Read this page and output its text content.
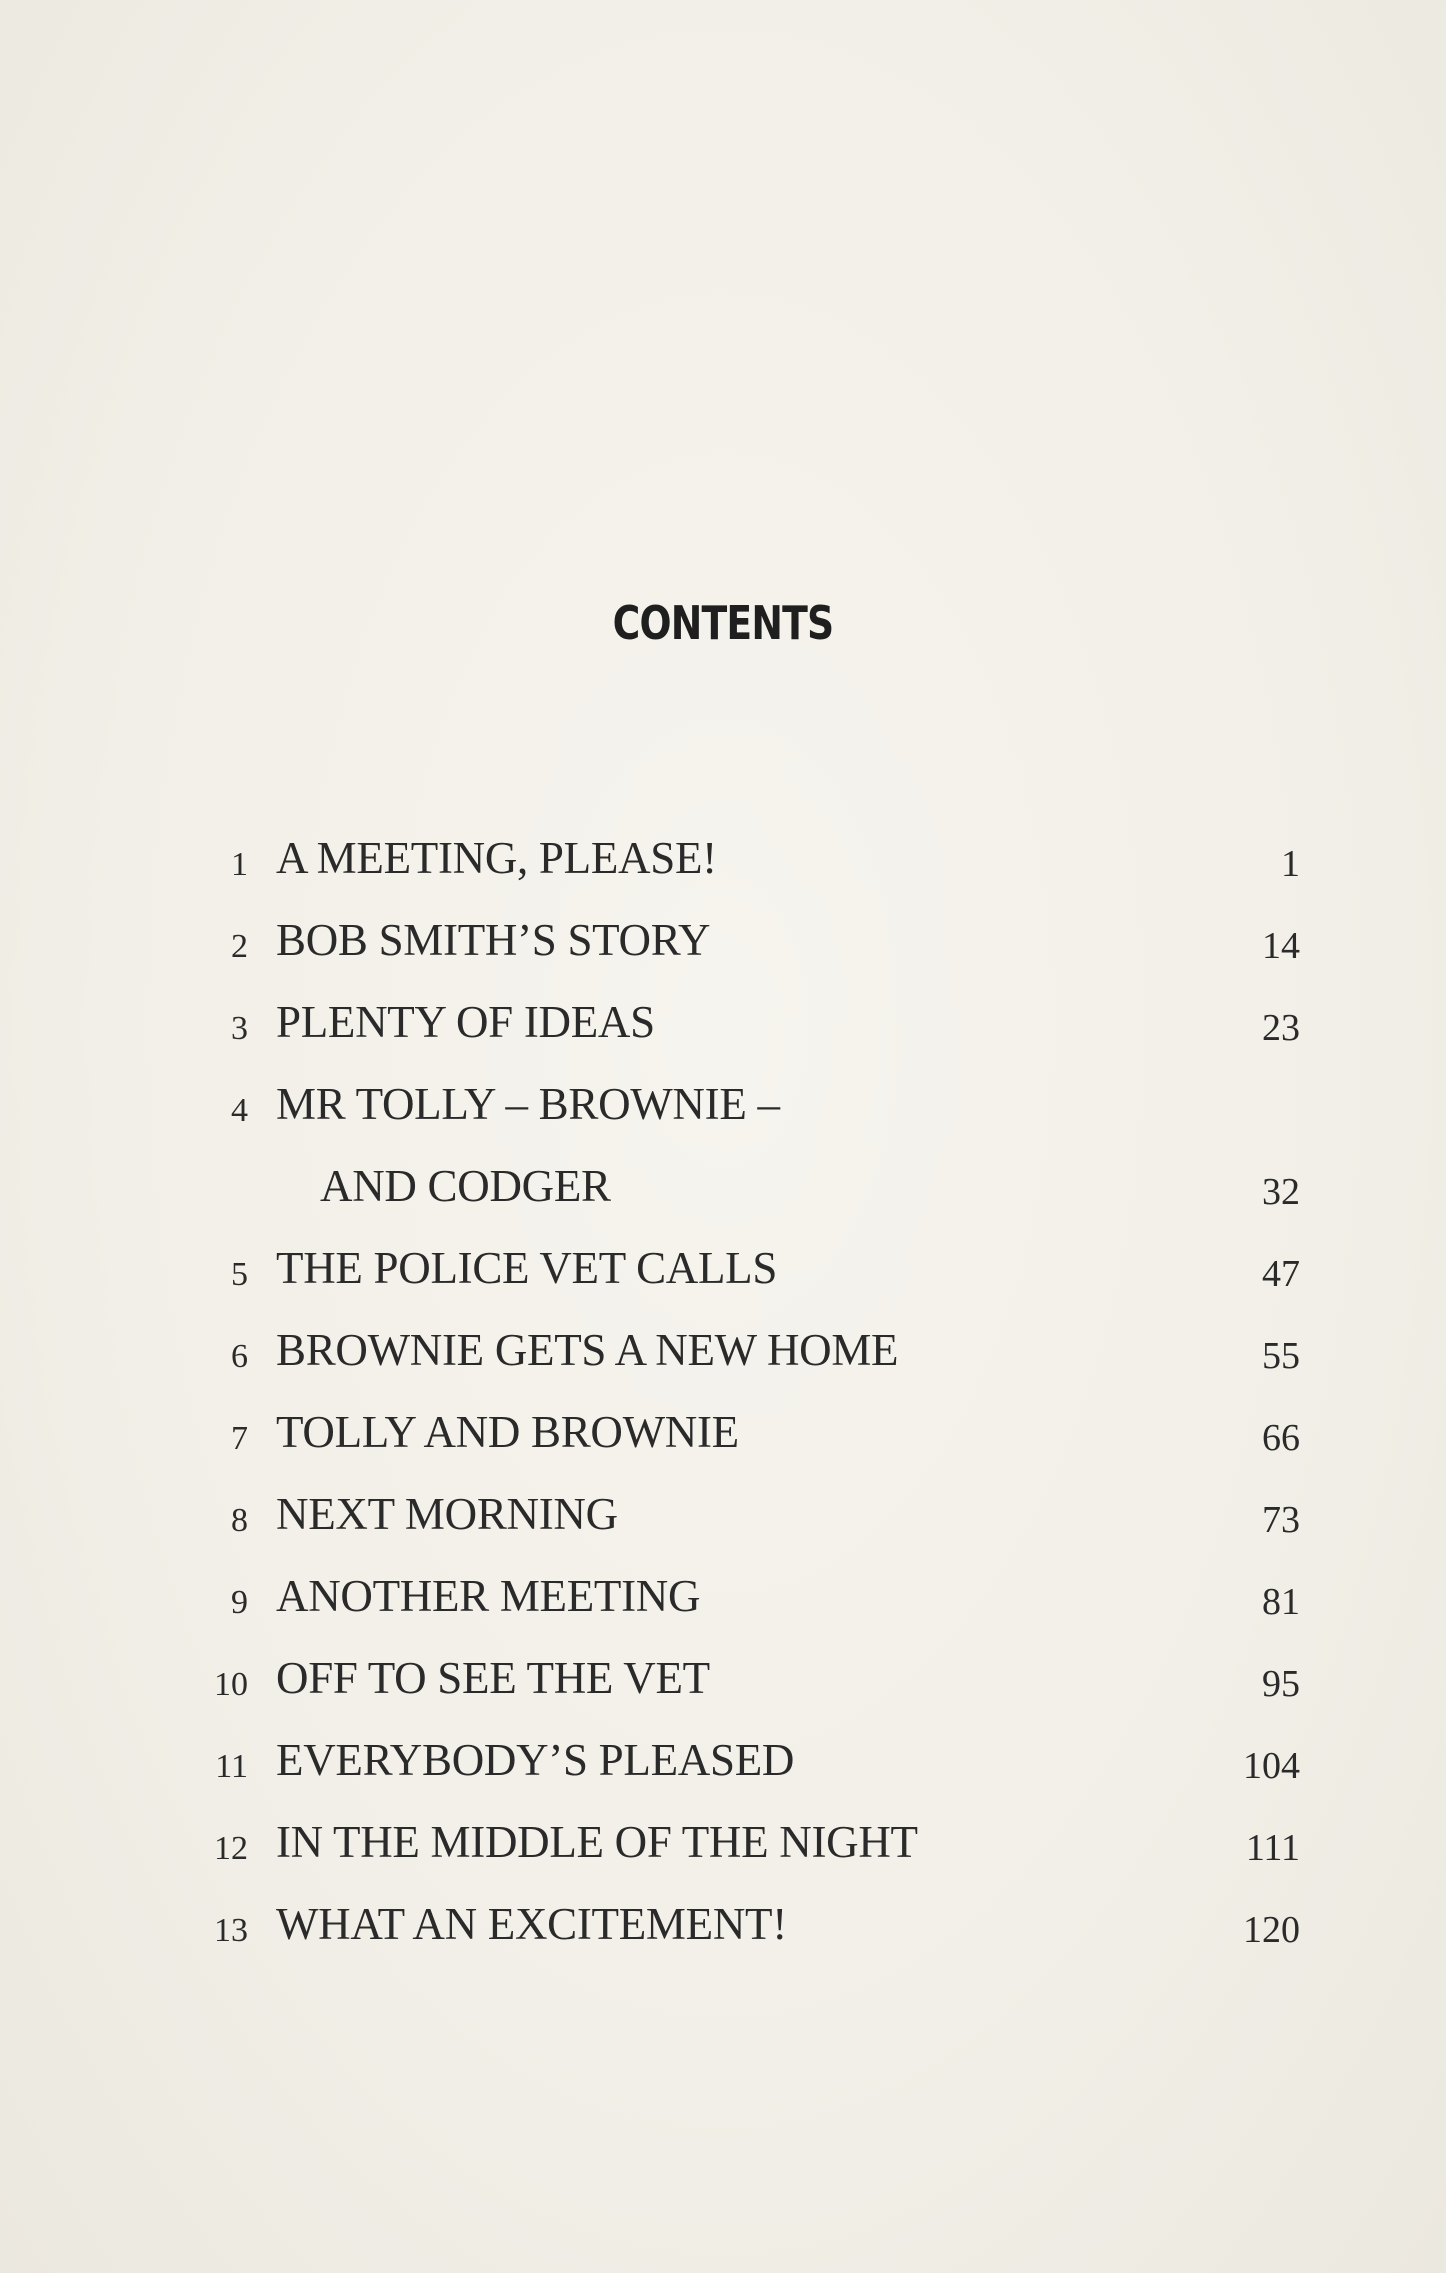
CONTENTS
1 A MEETING, PLEASE!	1
2 BOB SMITH’S STORY	14
3 PLENTY OF IDEAS	23
4 MR TOLLY – BROWNIE –
AND CODGER	32
5 THE POLICE VET CALLS	47
6 BROWNIE GETS A NEW HOME	55
7 TOLLY AND BROWNIE	66
8 NEXT MORNING	73
9 ANOTHER MEETING	81
10 OFF TO SEE THE VET	95
11 EVERYBODY’S PLEASED	104
12 IN THE MIDDLE OF THE NIGHT	111
13 WHAT AN EXCITEMENT!	120
